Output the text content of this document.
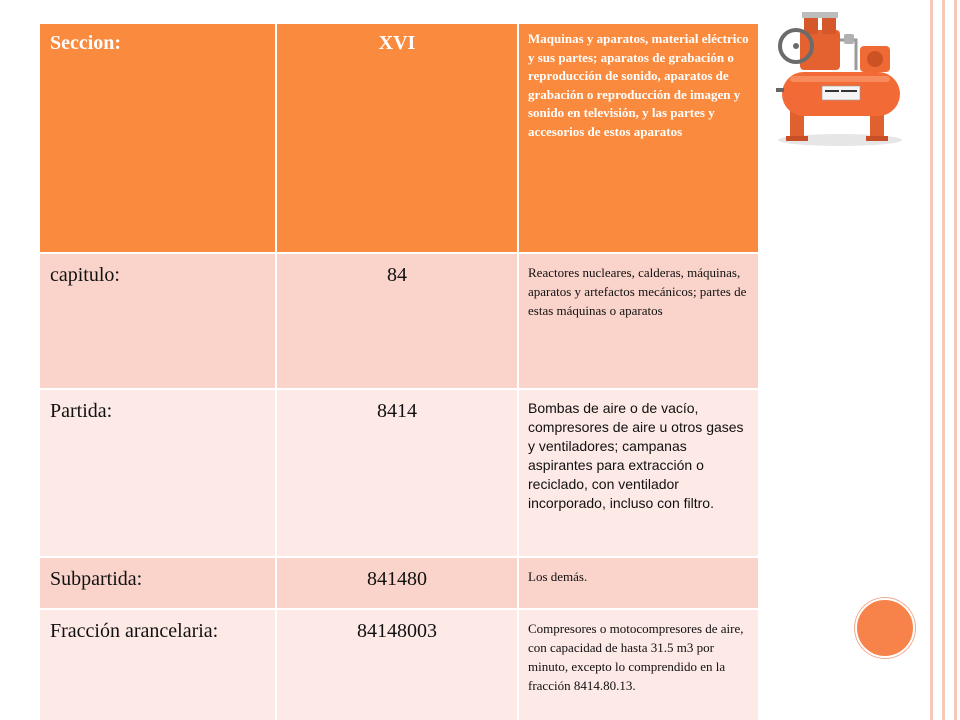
Seccion:	XVI	Maquinas y aparatos, material eléctrico y sus partes; aparatos de grabación o reproducción de sonido, aparatos de grabación o reproducción de imagen y sonido en televisión, y las partes y accesorios de estos aparatos
capitulo:	84	Reactores nucleares, calderas, máquinas, aparatos y artefactos mecánicos; partes de estas máquinas o aparatos
Partida:	8414	Bombas de aire o de vacío, compresores de aire u otros gases y ventiladores; campanas aspirantes para extracción o reciclado, con ventilador incorporado, incluso con filtro.
Subpartida:	841480	Los demás.
Fracción arancelaria:	84148003	Compresores o motocompresores de aire, con capacidad de hasta 31.5 m3 por minuto, excepto lo comprendido en la fracción 8414.80.13.
